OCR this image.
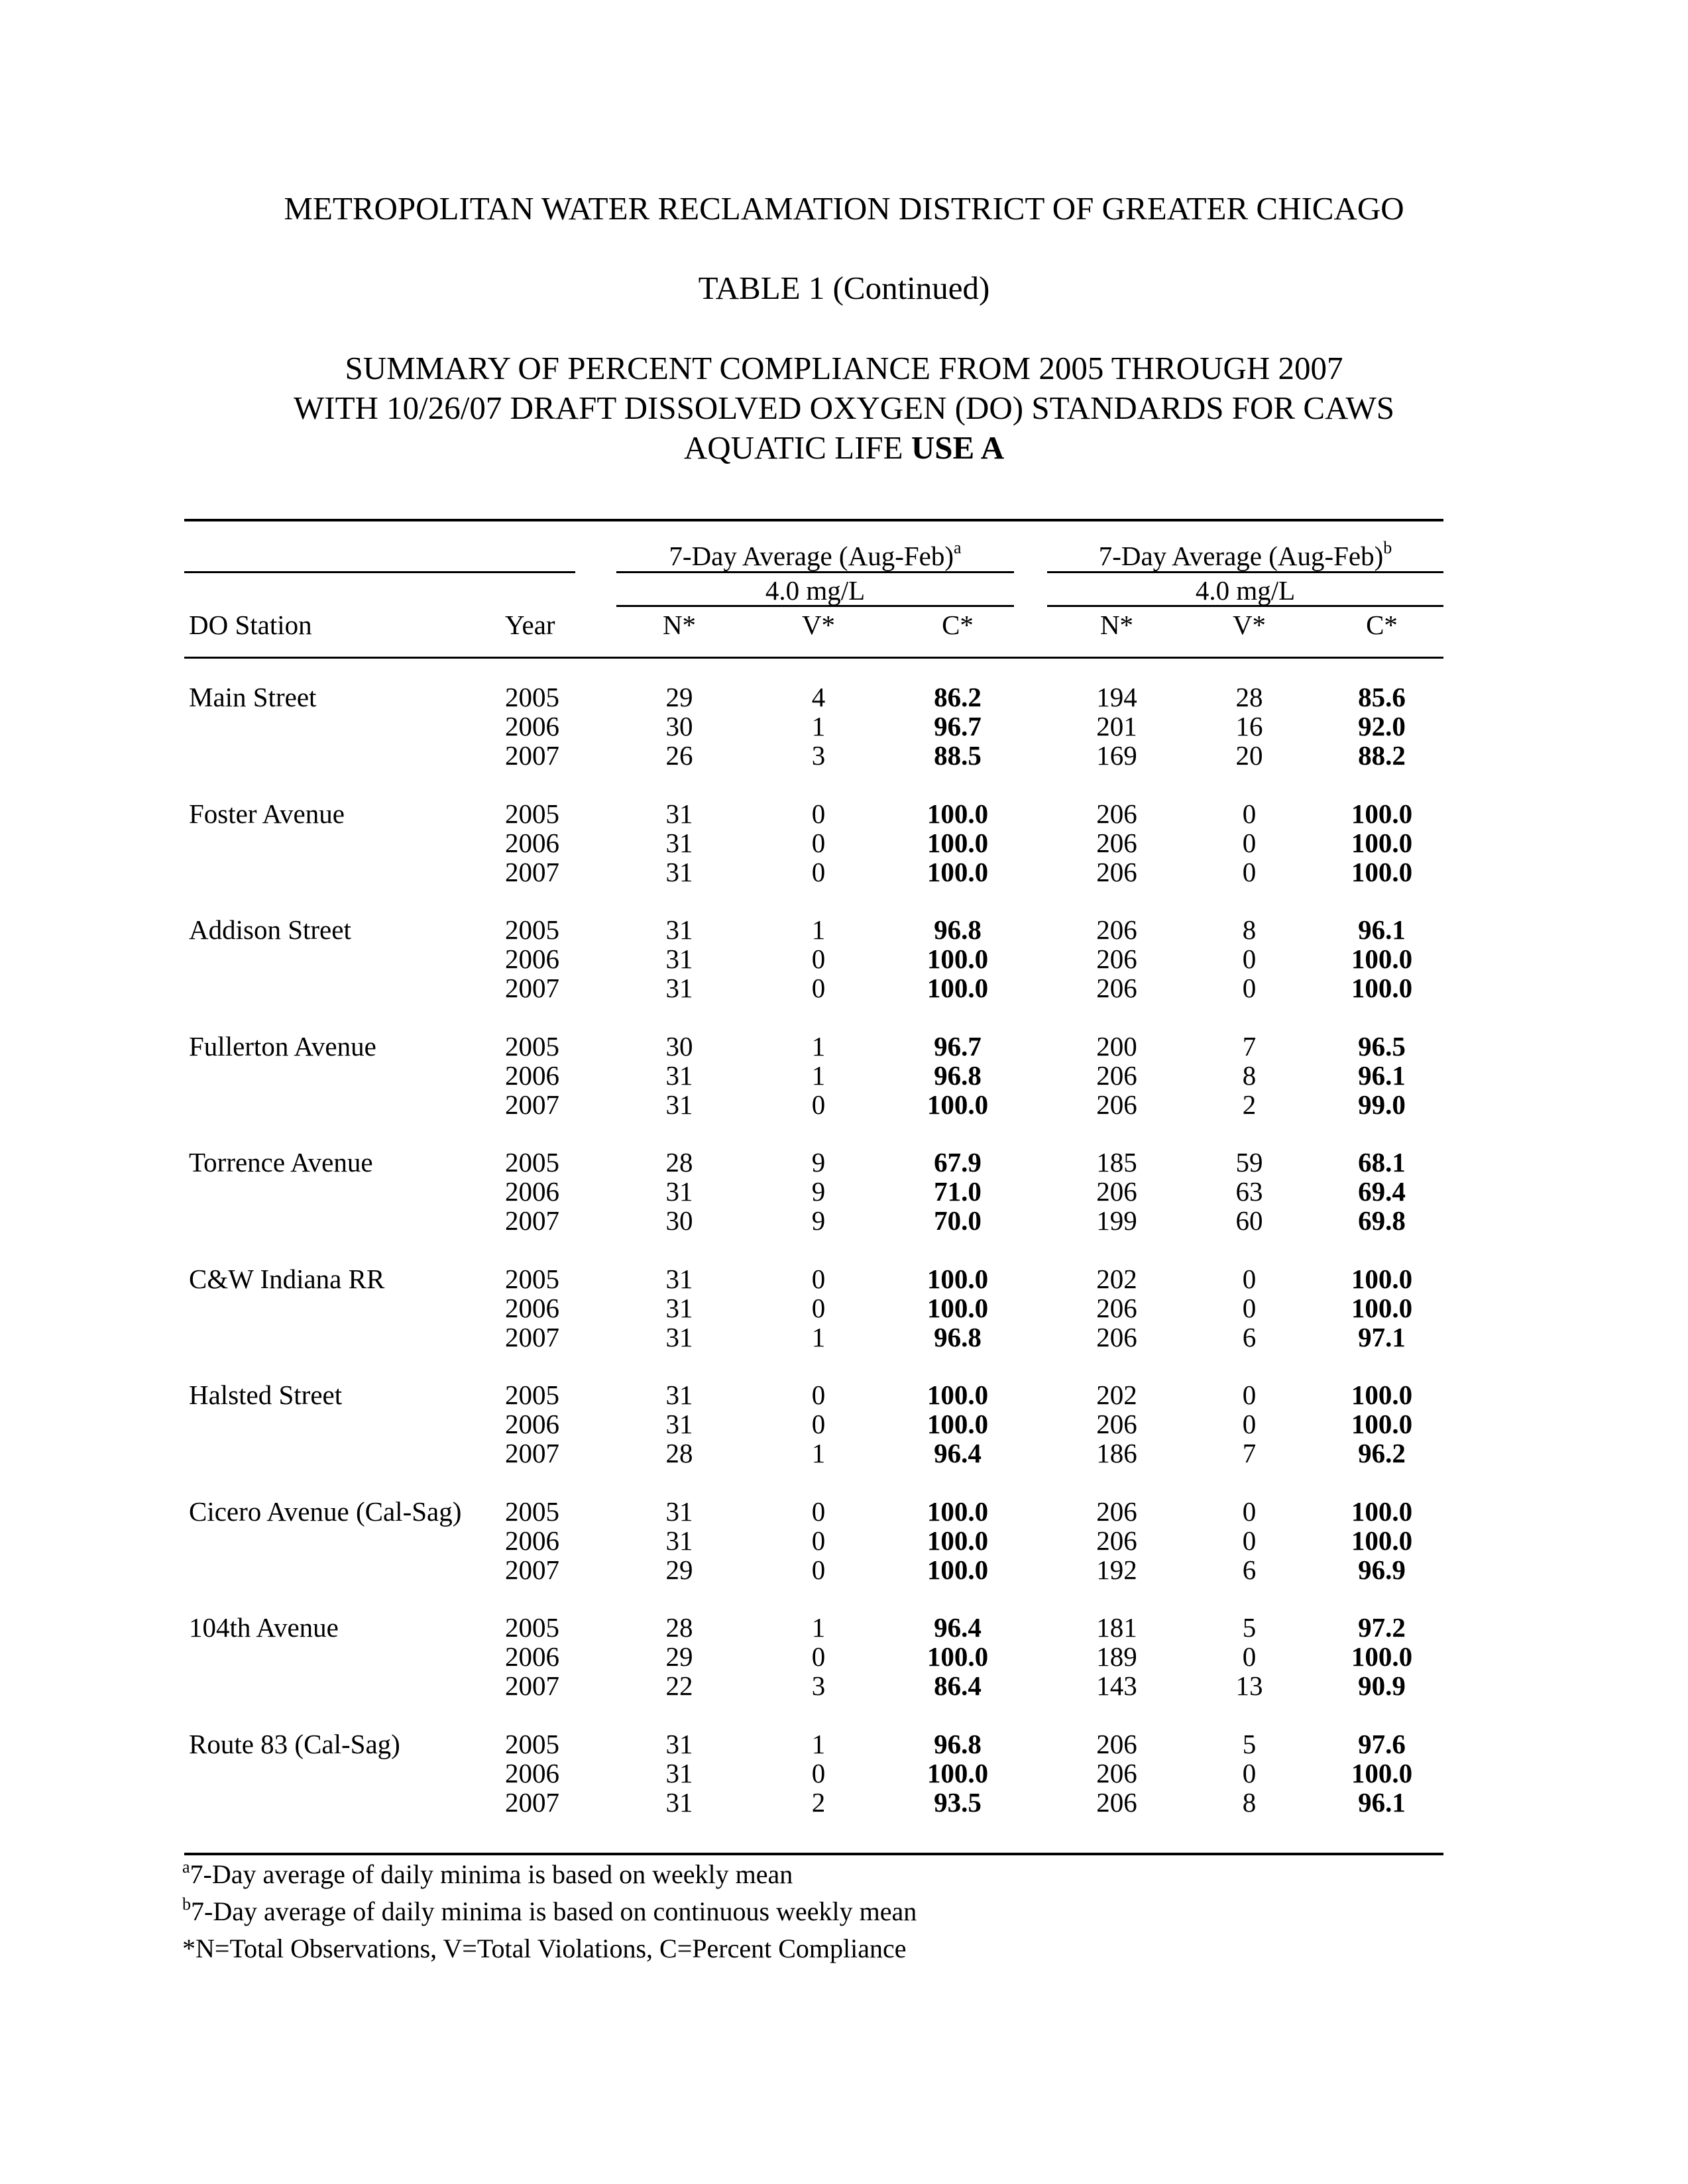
METROPOLITAN WATER RECLAMATION DISTRICT OF GREATER CHICAGO
TABLE 1 (Continued)
SUMMARY OF PERCENT COMPLIANCE FROM 2005 THROUGH 2007
WITH 10/26/07 DRAFT DISSOLVED OXYGEN (DO) STANDARDS FOR CAWS
AQUATIC LIFE USE A
7-Day Average $(Aug-Feb)^a$	7-Day Average $(Aug-Feb)^b$
4.0 mg/L	4.0 mg/L
DO Station	Year	N*	V*	C*	N*	V*	C*
Main Street	2005	29	4	86.2	194	28	85.6
2006	30	1	96.7	201	16	92.0
2007	26	3	88.5	169	20	88.2
Foster Avenue	2005	31	0	100.0	206	0	100.0
2006	31	0	100.0	206	0	100.0
2007	31	0	100.0	206	0	100.0
Addison Street	2005	31	1	96.8	206	8	96.1
2006	31	0	100.0	206	0	100.0
2007	31	0	100.0	206	0	100.0
Fullerton Avenue	2005	30	1	96.7	200	7	96.5
2006	31	1	96.8	206	8	96.1
2007	31	0	100.0	206	2	99.0
Torrence Avenue	2005	28	9	67.9	185	59	68.1
2006	31	9	71.0	206	63	69.4
2007	30	9	70.0	199	60	69.8
C&W Indiana RR	2005	31	0	100.0	202	0	100.0
2006	31	0	100.0	206	0	100.0
2007	31	1	96.8	206	6	97.1
Halsted Street	2005	31	0	100.0	202	0	100.0
2006	31	0	100.0	206	0	100.0
2007	28	1	96.4	186	7	96.2
Cicero Avenue (Cal-Sag) 2005	31	0	100.0	206	0	100.0
2006	31	0	100.0	206	0	100.0
2007	29	0	100.0	192	6	96.9
104th Avenue	2005	28	1	96.4	181	5	97.2
2006	29	0	100.0	189	0	100.0
2007	22	3	86.4	143	13	90.9
Route 83 (Cal-Sag)	2005	31	1	96.8	206	5	97.6
2006	31	0	100.0	206	0	100.0
2007	31	2	93.5	206	8	96.1
$^a$7-Day average of daily minima is based on weekly mean
$^b$7-Day average of daily minima is based on continuous weekly mean
*N=Total Observations, V=Total Violations, C=Percent Compliance
